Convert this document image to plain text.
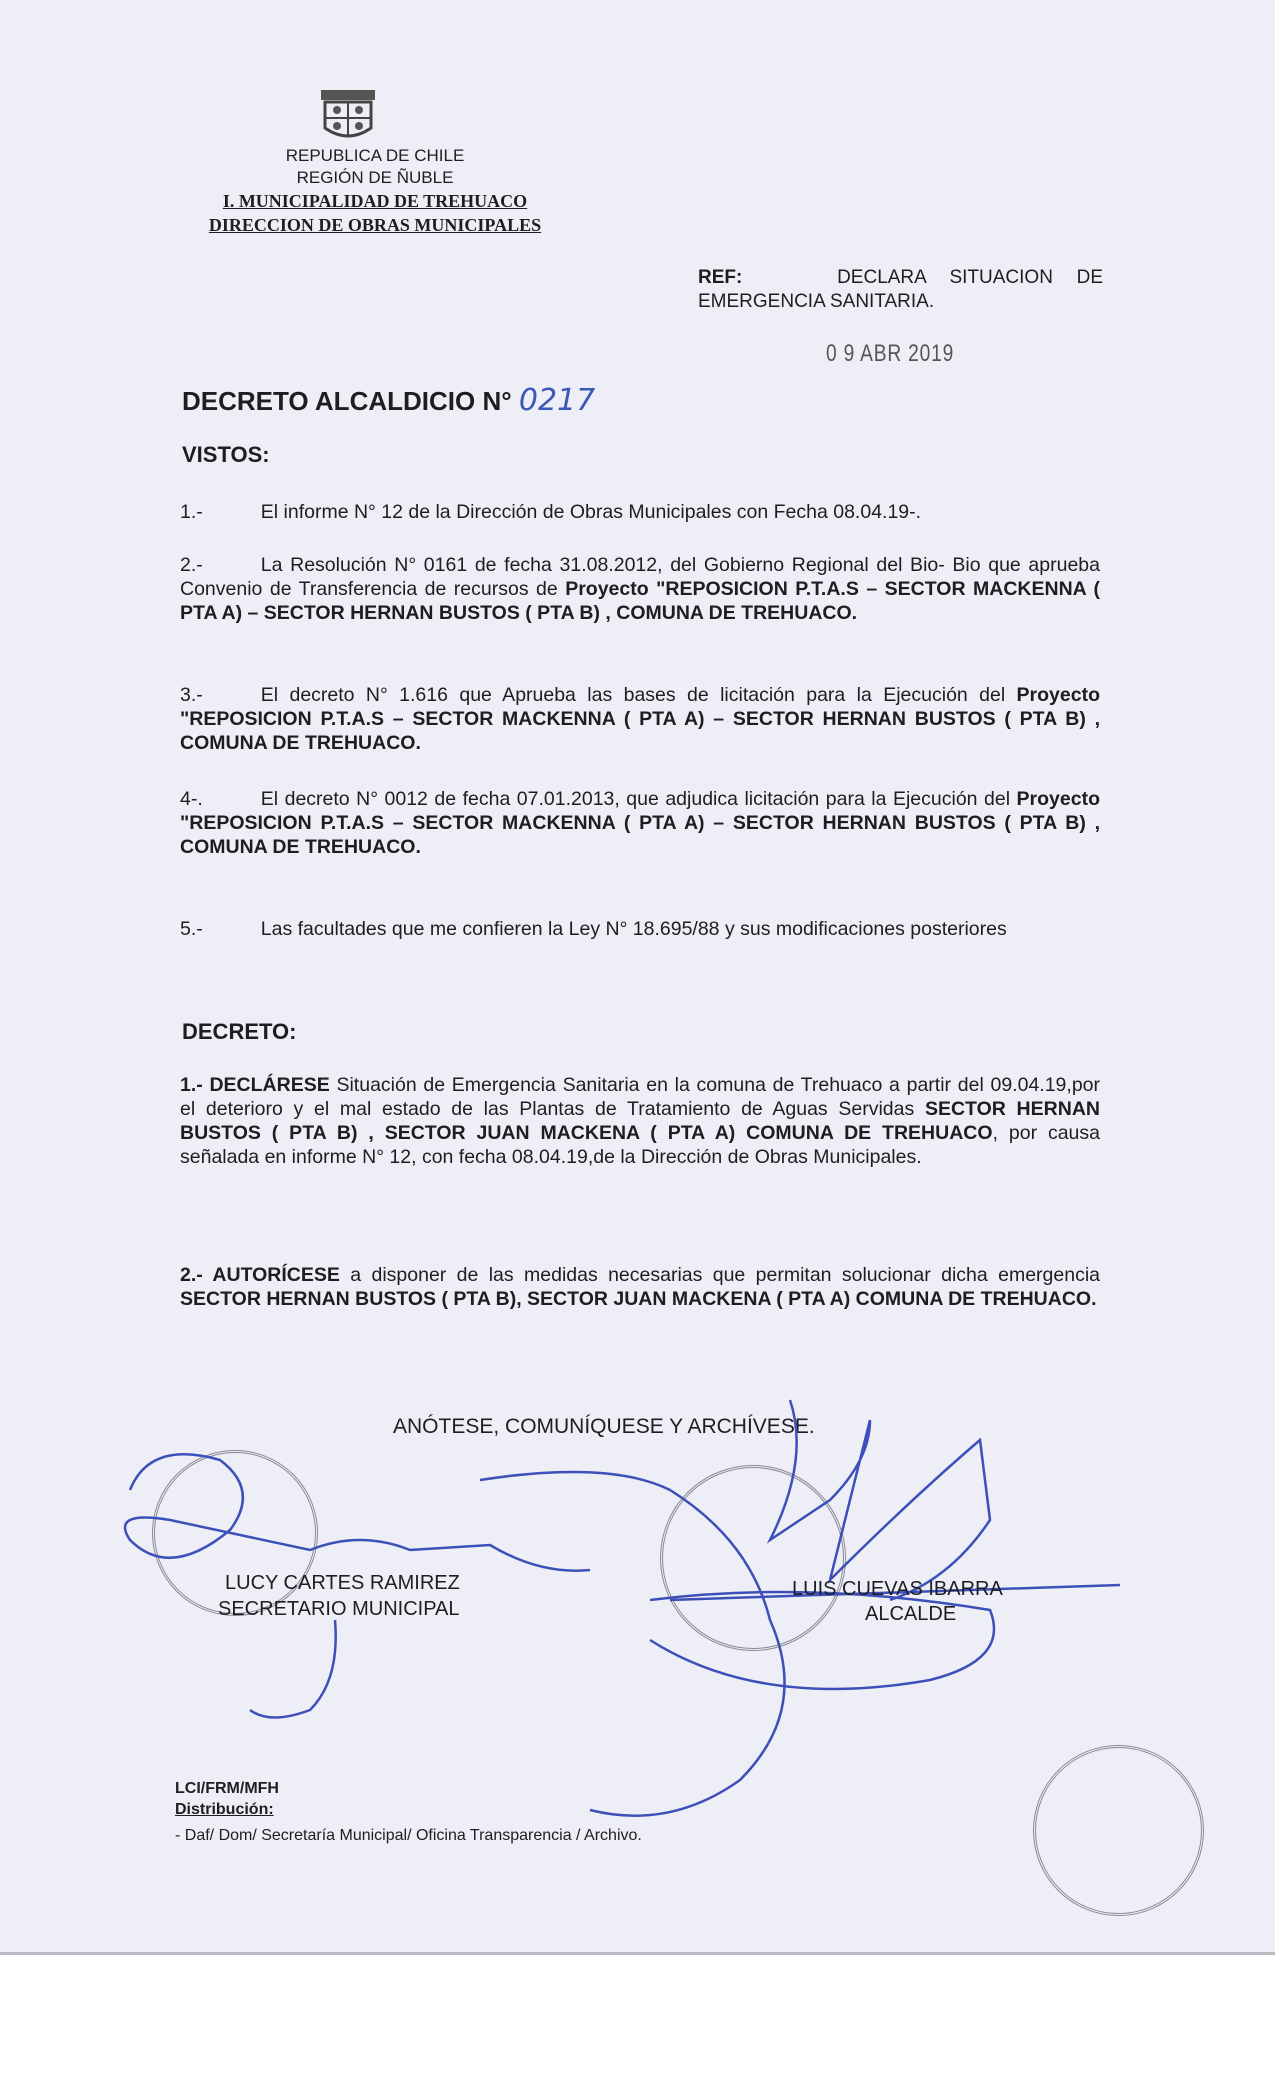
REPUBLICA DE CHILE
REGIÓN DE ÑUBLE
I. MUNICIPALIDAD DE TREHUACO
DIRECCION DE OBRAS MUNICIPALES
REF:	DECLARA SITUACION DE EMERGENCIA SANITARIA.
0 9 ABR 2019
DECRETO ALCALDICIO N° 0217
VISTOS:
1.-	El informe N° 12 de la Dirección de Obras Municipales con Fecha 08.04.19-.
2.-	La Resolución N° 0161 de fecha 31.08.2012, del Gobierno Regional del Bio- Bio que aprueba Convenio de Transferencia de recursos de Proyecto "REPOSICION P.T.A.S – SECTOR MACKENNA ( PTA A) – SECTOR HERNAN BUSTOS ( PTA B) , COMUNA DE TREHUACO.
3.-	El decreto N° 1.616 que Aprueba las bases de licitación para la Ejecución del Proyecto "REPOSICION P.T.A.S – SECTOR MACKENNA ( PTA A) – SECTOR HERNAN BUSTOS ( PTA B) , COMUNA DE TREHUACO.
4-.	El decreto N° 0012 de fecha 07.01.2013, que adjudica licitación para la Ejecución del Proyecto "REPOSICION P.T.A.S – SECTOR MACKENNA ( PTA A) – SECTOR HERNAN BUSTOS ( PTA B) , COMUNA DE TREHUACO.
5.-	Las facultades que me confieren la Ley N° 18.695/88 y sus modificaciones posteriores
DECRETO:
1.- DECLÁRESE Situación de Emergencia Sanitaria en la comuna de Trehuaco a partir del 09.04.19,por el deterioro y el mal estado de las Plantas de Tratamiento de Aguas Servidas SECTOR HERNAN BUSTOS ( PTA B) , SECTOR JUAN MACKENA ( PTA A) COMUNA DE TREHUACO, por causa señalada en informe N° 12, con fecha 08.04.19,de la Dirección de Obras Municipales.
2.- AUTORÍCESE a disponer de las medidas necesarias que permitan solucionar dicha emergencia SECTOR HERNAN BUSTOS ( PTA B), SECTOR JUAN MACKENA ( PTA A) COMUNA DE TREHUACO.
ANÓTESE, COMUNÍQUESE Y ARCHÍVESE.
LUCY CARTES RAMIREZ
SECRETARIO MUNICIPAL
LUIS CUEVAS IBARRA
ALCALDE
LCI/FRM/MFH
Distribución:
- Daf/ Dom/ Secretaría Municipal/ Oficina Transparencia / Archivo.
